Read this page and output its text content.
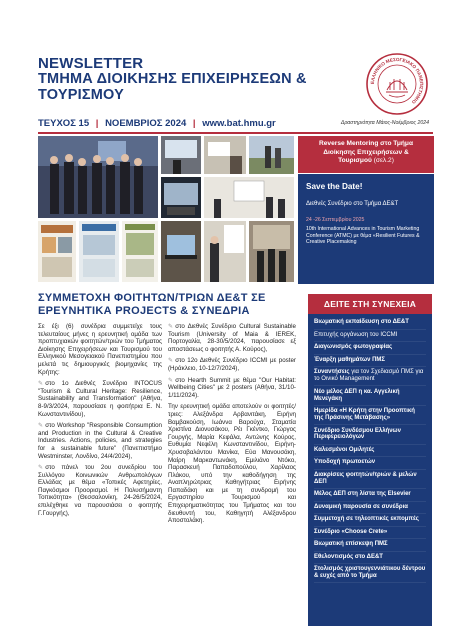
NEWSLETTER
ΤΜΗΜΑ ΔΙΟΙΚΗΣΗΣ ΕΠΙΧΕΙΡΗΣΕΩΝ &
ΤΟΥΡΙΣΜΟΥ
ΕΛΛΗΝΙΚΟ ΜΕΣΟΓΕΙΑΚΟ ΠΑΝΕΠΙΣΤΗΜΙΟ
ΤΕΥΧΟΣ 15 | ΝΟΕΜΒΡΙΟΣ 2024 | www.bat.hmu.gr	Δραστηριότητα Μάιος-Νοέμβριος 2024
Reverse Mentoring στο Τμήμα
Διοίκησης Επιχειρήσεων &
Τουρισμού (σελ.2)
Save the Date!
Διεθνές Συνέδριο στο Τμήμα ΔΕ&Τ
24 -26 Σεπτεμβρίου 2025
10th International Advances in Tourism Marketing Conference (ATMC) με θέμα «Resilient Futures & Creative Placemaking
ΣΥΜΜΕΤΟΧΗ ΦΟΙΤΗΤΩΝ/ΤΡΙΩΝ ΔΕ&Τ ΣΕ
ΕΡΕΥΝΗΤΙΚΑ PROJECTS & ΣΥΝΕΔΡΙΑ

Σε έξι (6) συνέδρια συμμετείχε τους τελευταίους μήνες η ερευνητική ομάδα των προπτυχιακών φοιτητών/τριών του Τμήματος Διοίκησης Επιχειρήσεων και Τουρισμού του Ελληνικού Μεσογειακού Πανεπιστημίου που μελετά τις δημιουργικές βιομηχανίες της Κρήτης:

✎ στο 1ο Διεθνές Συνέδριο INTOCUS "Tourism & Cultural Heritage: Resilience, Sustainability and Transformation" (Αθήνα, 8-9/3/2024, παρουσίασε η φοιτήτρια Ε. Ν. Κωνσταντινίδου),

✎ στο Workshop "Responsible Consumption and Production in the Cultural & Creative Industries. Actions, policies, and strategies for a sustainable future" (Πανεπιστήμιο Westminster, Λονδίνο, 24/4/2024),

✎ στο πάνελ του 2ου συνεδρίου του Συλλόγου Κοινωνικών Ανθρωπολόγων Ελλάδας με θέμα «Τοπικές Αφετηρίες, Παγκόσμιοι Προορισμοί. Η Πολυσήμαντη Τοπικότητα» (Θεσσαλονίκη, 24-26/5/2024, επιλέχθηκε να παρουσιάσει ο φοιτητής Γ.Γουργής),

✎ στο Διεθνές Συνέδριο Cultural Sustainable Tourism (University of Maia & IEREK, Πορτογαλία, 28-30/5/2024, παρουσίασε εξ αποστάσεως ο φοιτητής Α. Κούρος),

✎ στο 12ο Διεθνές Συνέδριο ICCMI με poster (Ηράκλειο, 10-12/7/2024),

✎ στο Hearth Summit με θέμα "Our Habitat: Wellbeing Cities" με 2 posters (Αθήνα, 31/10-1/11/2024).

Την ερευνητική ομάδα αποτελούν οι φοιτητές/τριες: Αλεξάνδρα Αρβανιτάκη, Ειρήνη Βαμβακούση, Ιωάννα Βαρούχα, Σταματία Χριστίνα Διονυσάκου, Ρέι Γκέντκο, Γιώργος Γουργής, Μαρία Κεφάλα, Αντώνης Κούρος, Ευθυμία Νεφέλη Κωνσταντινίδου, Ειρήνη-Χρυσοβαλάντου Μανίκα, Εύα Μανουσάκη, Μαίρη Μαρκαντωνάκη, Εμιλιάνο Ντόκο, Παρασκευή Παπαδοπούλου, Χαρίλαος Πλάκου, υπό την καθοδήγηση της Αναπληρώτριας Καθηγήτριας Ειρήνης Παπαδάκη και με τη συνδρομή του Εργαστηρίου Τουρισμού και Επιχειρηματικότητας του Τμήματος και του διευθυντή του, Καθηγητή Αλέξανδρου Αποστολάκη.

ΔΕΙΤΕ ΣΤΗ ΣΥΝΕΧΕΙΑ
Βιωματική εκπαίδευση στο ΔΕ&Τ
Επιτυχής οργάνωση του ICCMI
Διαγωνισμός φωτογραφίας
Έναρξη μαθημάτων ΠΜΣ
Συναντήσεις για τον Σχεδιασμό ΠΜΣ για το Οινικό Management
Νέο μέλος ΔΕΠ η κα. Αγγελική Μενεγάκη
Ημερίδα «Η Κρήτη στην Προοπτική της Πράσινης Μετάβασης»
Συνέδριο Συνδέσμου Ελλήνων Περιφερειολόγων
Καλεσμένοι Ομιλητές
Υποδοχή πρωτοετών
Διακρίσεις φοιτητών/τριών & μελών ΔΕΠ
Μέλος ΔΕΠ στη λίστα της Elsevier
Δυναμική παρουσία σε συνέδρια
Συμμετοχή σε τηλεοπτικές εκπομπές
Συνέδριο «Choose Crete»
Βιωματική επίσκεψη ΠΜΣ
Εθελοντισμός στο ΔΕ&Τ
Στολισμός χριστουγεννιάτικου δέντρου & ευχές από το Τμήμα
